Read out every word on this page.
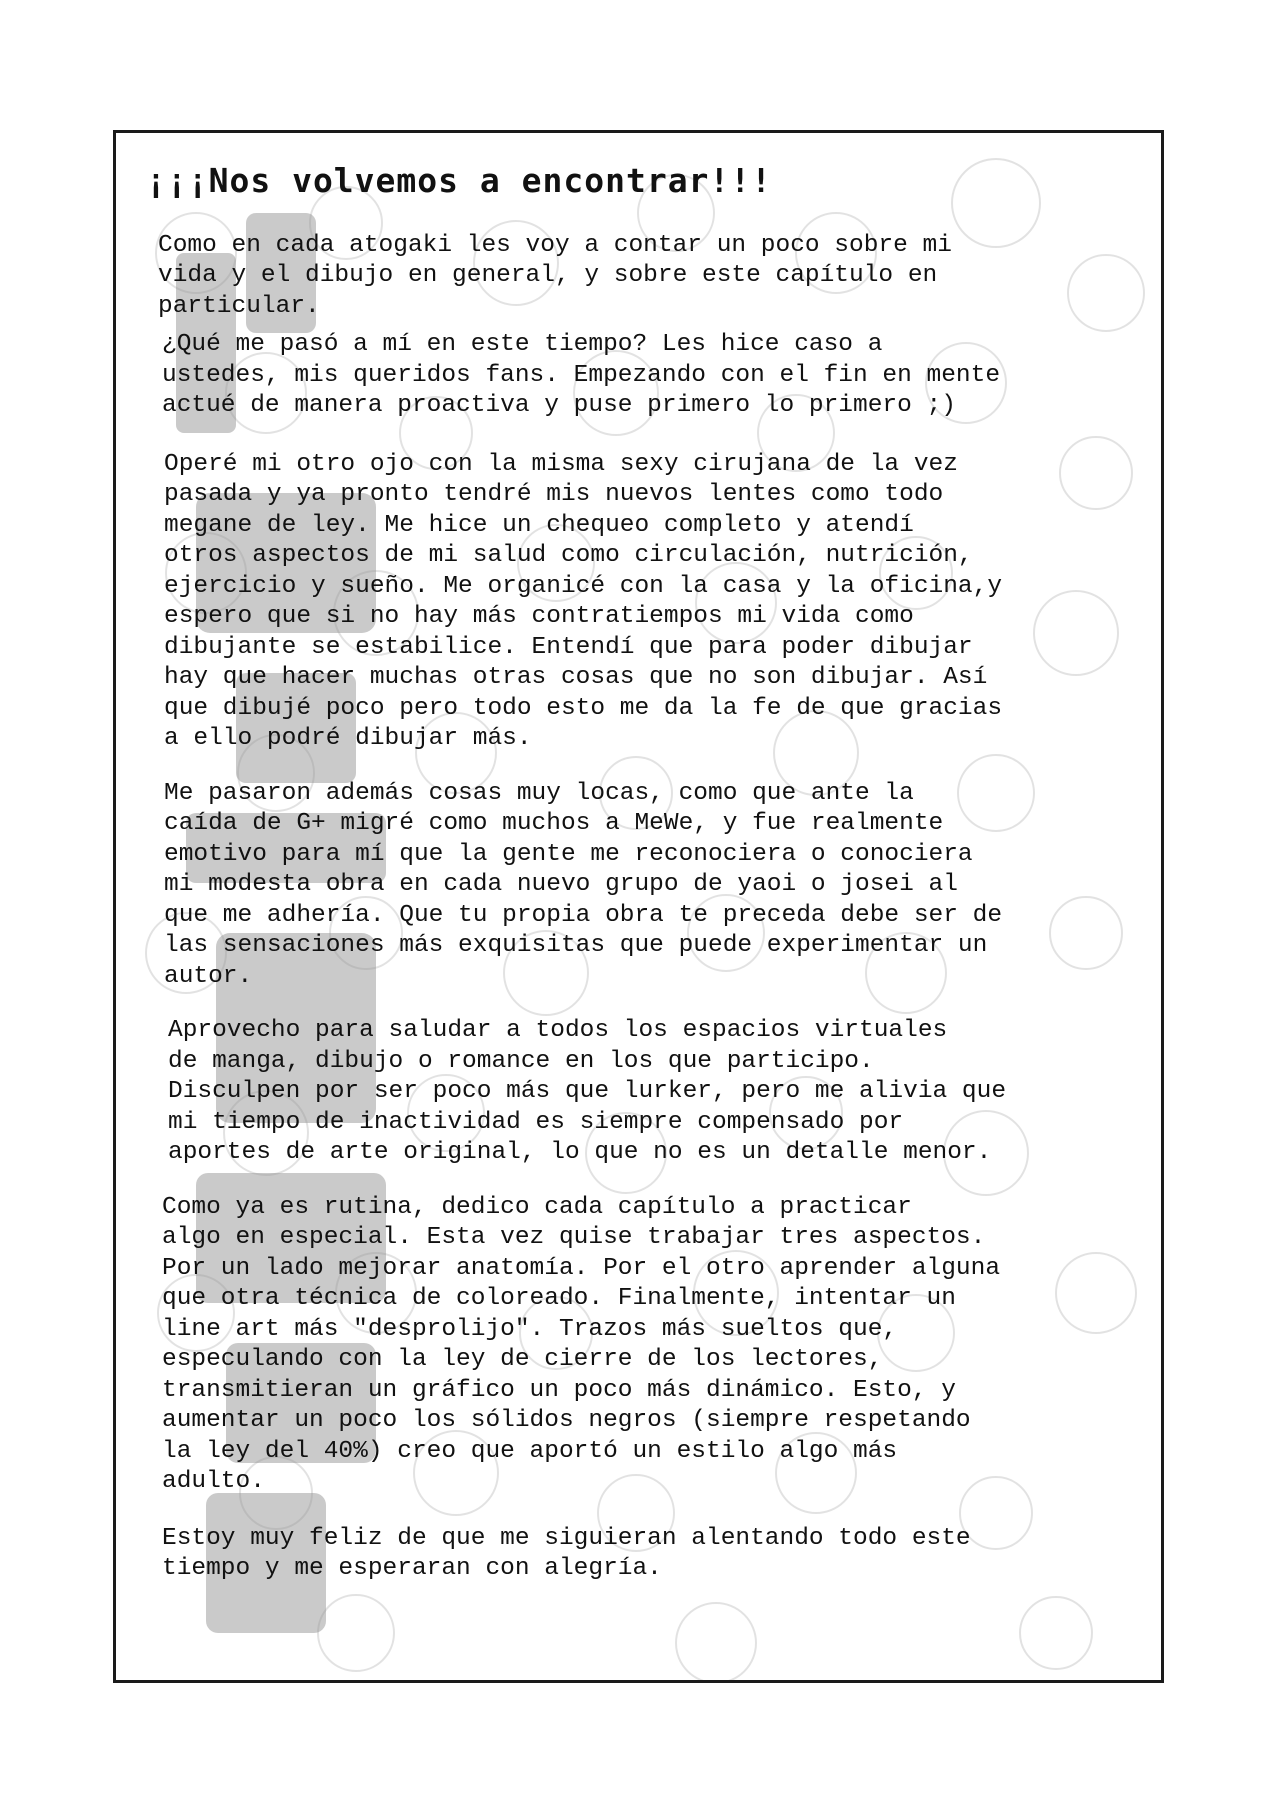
¡¡¡Nos volvemos a encontrar!!!
Como en cada atogaki les voy a contar un poco sobre mi
vida y el dibujo en general, y sobre este capítulo en
particular.
¿Qué me pasó a mí en este tiempo? Les hice caso a
ustedes, mis queridos fans. Empezando con el fin en mente
actué de manera proactiva y puse primero lo primero ;)
Operé mi otro ojo con la misma sexy cirujana de la vez
pasada y ya pronto tendré mis nuevos lentes como todo
megane de ley. Me hice un chequeo completo y atendí
otros aspectos de mi salud como circulación, nutrición,
ejercicio y sueño. Me organicé con la casa y la oficina,y
espero que si no hay más contratiempos mi vida como
dibujante se estabilice. Entendí que para poder dibujar
hay que hacer muchas otras cosas que no son dibujar. Así
que dibujé poco pero todo esto me da la fe de que gracias
a ello podré dibujar más.
Me pasaron además cosas muy locas, como que ante la
caída de G+ migré como muchos a MeWe, y fue realmente
emotivo para mí que la gente me reconociera o conociera
mi modesta obra en cada nuevo grupo de yaoi o josei al
que me adhería. Que tu propia obra te preceda debe ser de
las sensaciones más exquisitas que puede experimentar un
autor.
Aprovecho para saludar a todos los espacios virtuales
de manga, dibujo o romance en los que participo.
Disculpen por ser poco más que lurker, pero me alivia que
mi tiempo de inactividad es siempre compensado por
aportes de arte original, lo que no es un detalle menor.
Como ya es rutina, dedico cada capítulo a practicar
algo en especial. Esta vez quise trabajar tres aspectos.
Por un lado mejorar anatomía. Por el otro aprender alguna
que otra técnica de coloreado. Finalmente, intentar un
line art más "desprolijo". Trazos más sueltos que,
especulando con la ley de cierre de los lectores,
transmitieran un gráfico un poco más dinámico. Esto, y
aumentar un poco los sólidos negros (siempre respetando
la ley del 40%) creo que aportó un estilo algo más
adulto.
Estoy muy feliz de que me siguieran alentando todo este
tiempo y me esperaran con alegría.
